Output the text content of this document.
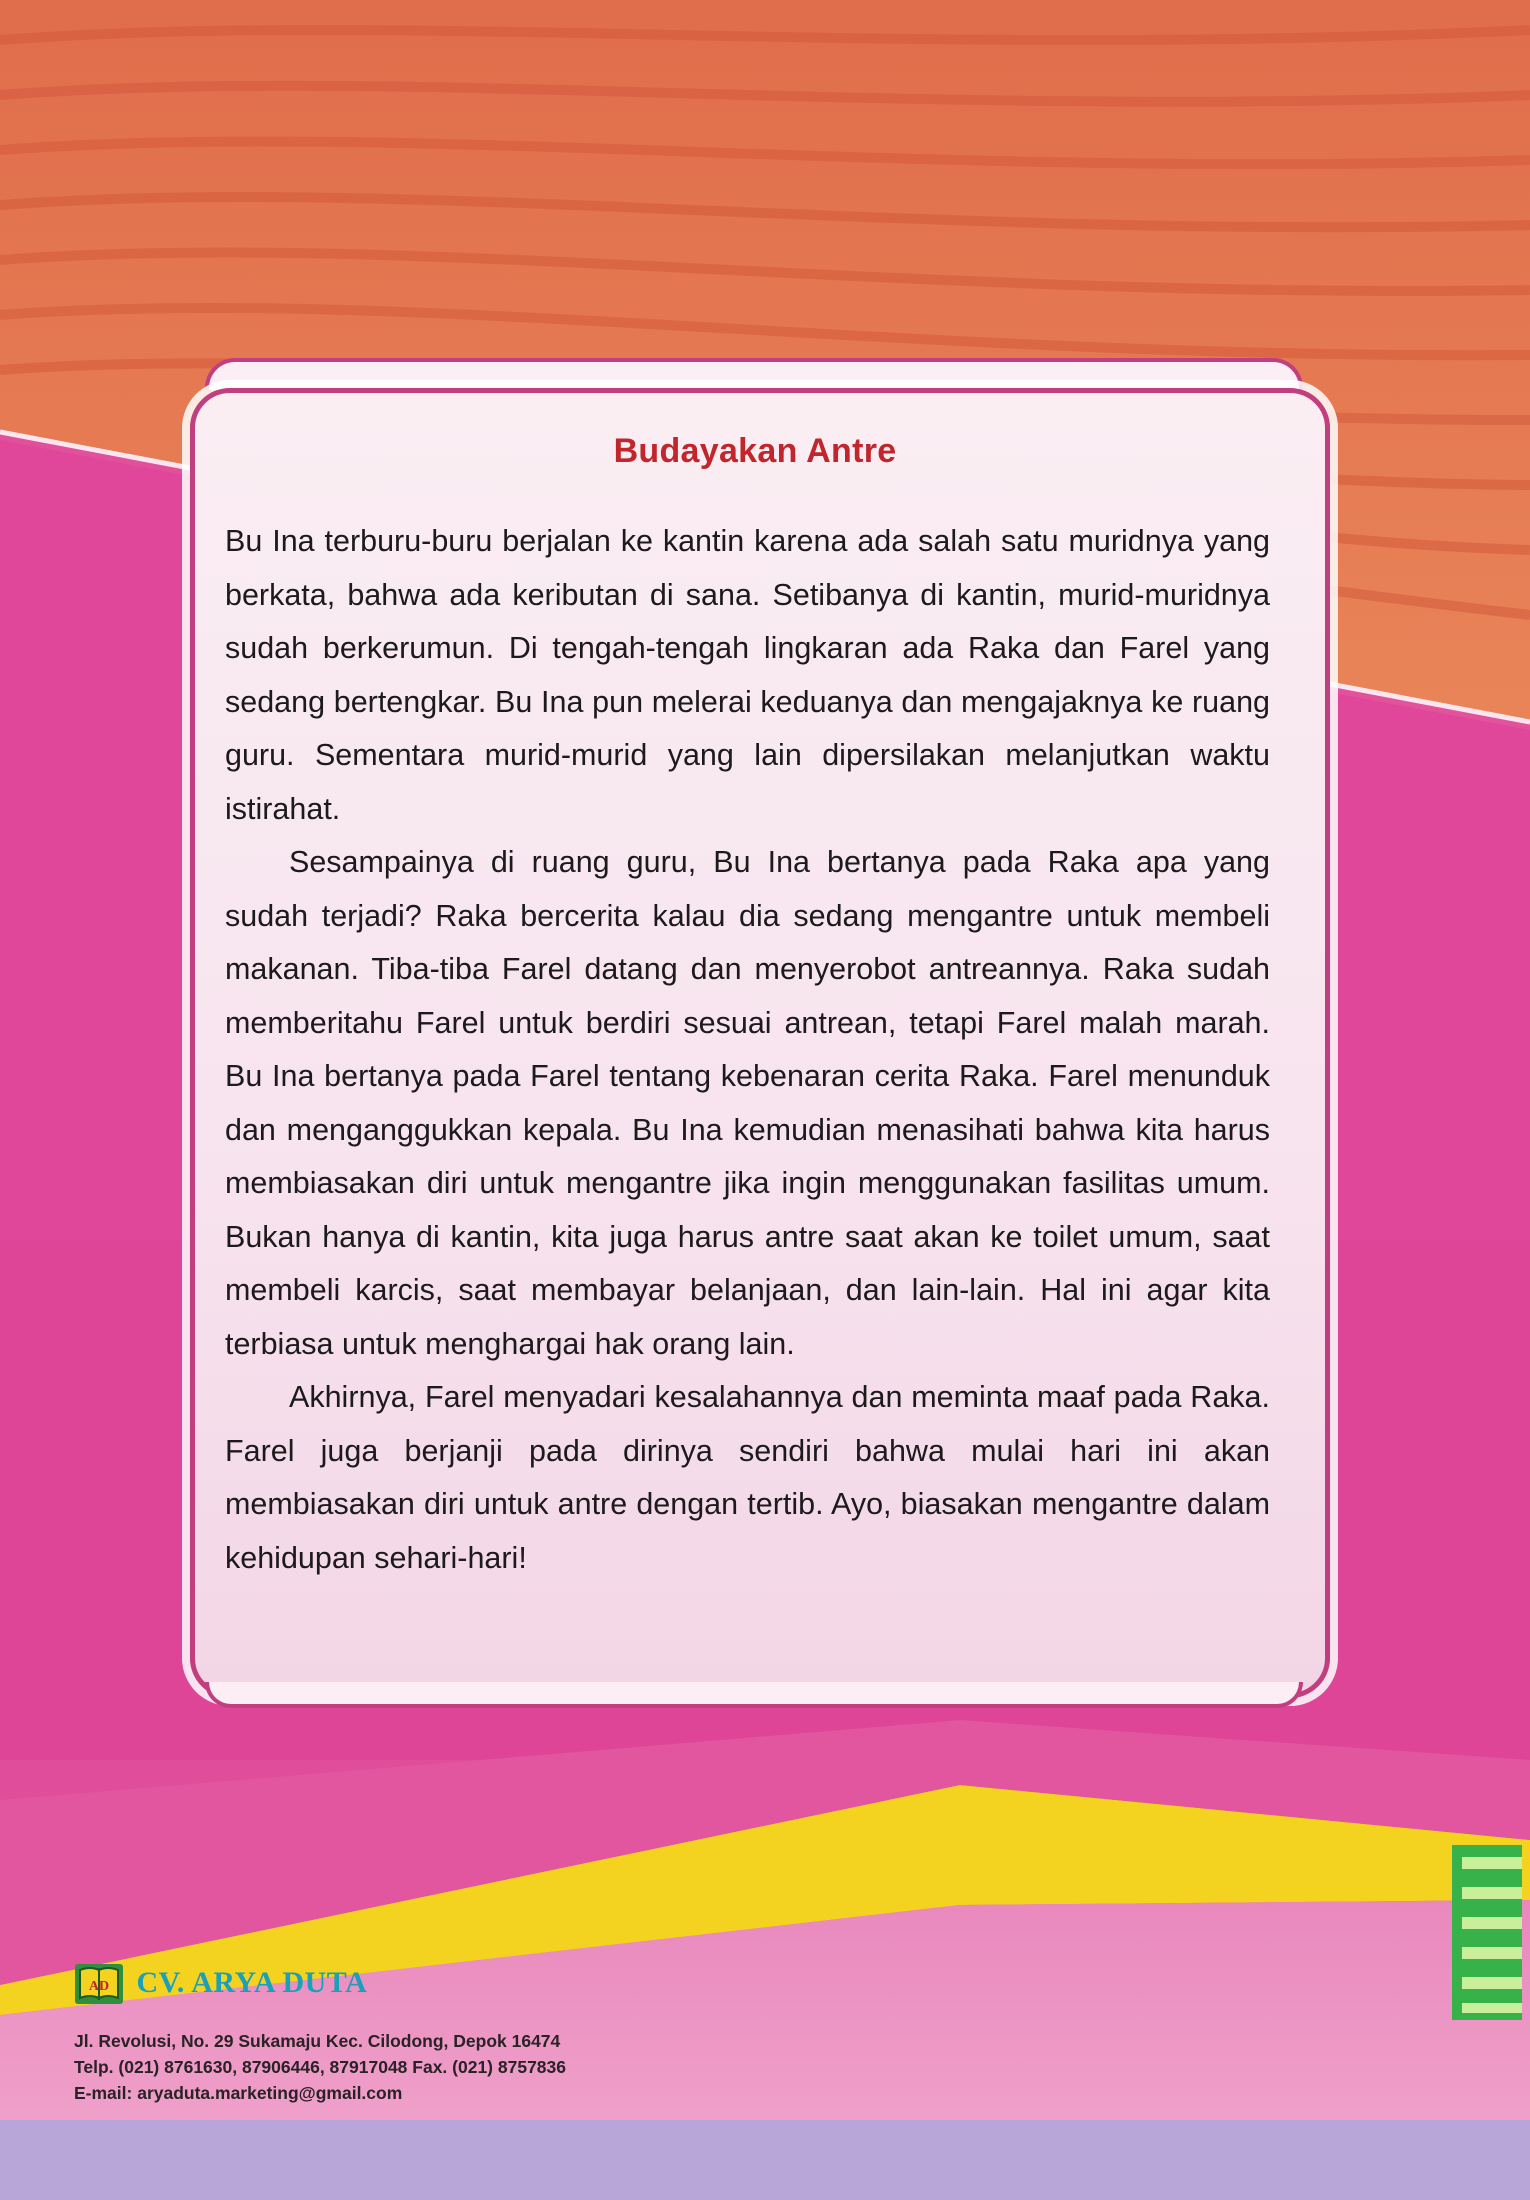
Budayakan Antre

Bu Ina terburu-buru berjalan ke kantin karena ada salah satu muridnya yang berkata, bahwa ada keributan di sana. Setibanya di kantin, murid-muridnya sudah berkerumun. Di tengah-tengah lingkaran ada Raka dan Farel yang sedang bertengkar. Bu Ina pun melerai keduanya dan mengajaknya ke ruang guru. Sementara murid-murid yang lain dipersilakan melanjutkan waktu istirahat.

Sesampainya di ruang guru, Bu Ina bertanya pada Raka apa yang sudah terjadi? Raka bercerita kalau dia sedang mengantre untuk membeli makanan. Tiba-tiba Farel datang dan menyerobot antreannya. Raka sudah memberitahu Farel untuk berdiri sesuai antrean, tetapi Farel malah marah. Bu Ina bertanya pada Farel tentang kebenaran cerita Raka. Farel menunduk dan menganggukkan kepala. Bu Ina kemudian menasihati bahwa kita harus membiasakan diri untuk mengantre jika ingin menggunakan fasilitas umum. Bukan hanya di kantin, kita juga harus antre saat akan ke toilet umum, saat membeli karcis, saat membayar belanjaan, dan lain-lain. Hal ini agar kita terbiasa untuk menghargai hak orang lain.

Akhirnya, Farel menyadari kesalahannya dan meminta maaf pada Raka. Farel juga berjanji pada dirinya sendiri bahwa mulai hari ini akan membiasakan diri untuk antre dengan tertib. Ayo, biasakan mengantre dalam kehidupan sehari-hari!

AD CV. ARYA DUTA
Jl. Revolusi, No. 29 Sukamaju Kec. Cilodong, Depok 16474
Telp. (021) 8761630, 87906446, 87917048 Fax. (021) 8757836
E-mail: aryaduta.marketing@gmail.com
